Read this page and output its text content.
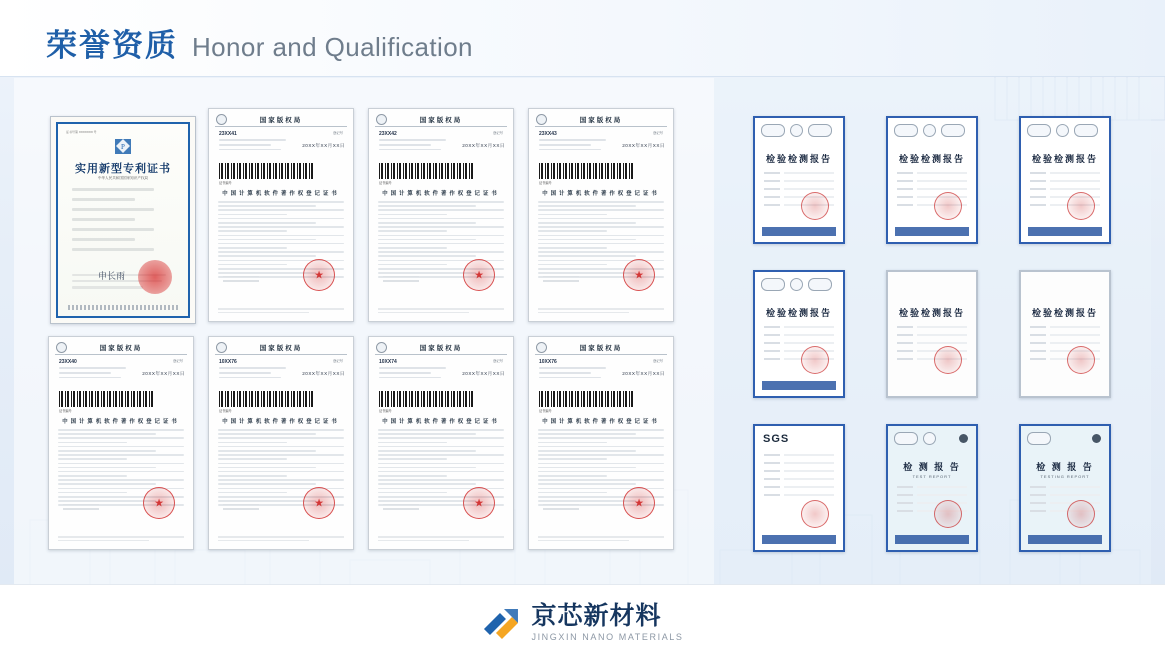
荣誉资质 Honor and Qualification
证书号第 XXXXXXX 号
P
实用新型专利证书
中华人民共和国国家知识产权局
申长雨
国家版权局
23XX41	登记号
20XX年XX月XX日
证书编号
中国计算机软件著作权登记证书
★
国家版权局
23XX42	登记号
20XX年XX月XX日
证书编号
中国计算机软件著作权登记证书
★
国家版权局
23XX43	登记号
20XX年XX月XX日
证书编号
中国计算机软件著作权登记证书
★
国家版权局
23XX40	登记号
20XX年XX月XX日
证书编号
中国计算机软件著作权登记证书
★
国家版权局
10XX76	登记号
20XX年XX月XX日
证书编号
中国计算机软件著作权登记证书
★
国家版权局
10XX74	登记号
20XX年XX月XX日
证书编号
中国计算机软件著作权登记证书
★
国家版权局
10XX76	登记号
20XX年XX月XX日
证书编号
中国计算机软件著作权登记证书
★
检验检测报告	检验检测报告	检验检测报告
检验检测报告	检验检测报告	检验检测报告
SGS
检 测 报 告
TEST REPORT
检 测 报 告
TESTING REPORT
京芯新材料
JINGXIN NANO MATERIALS
